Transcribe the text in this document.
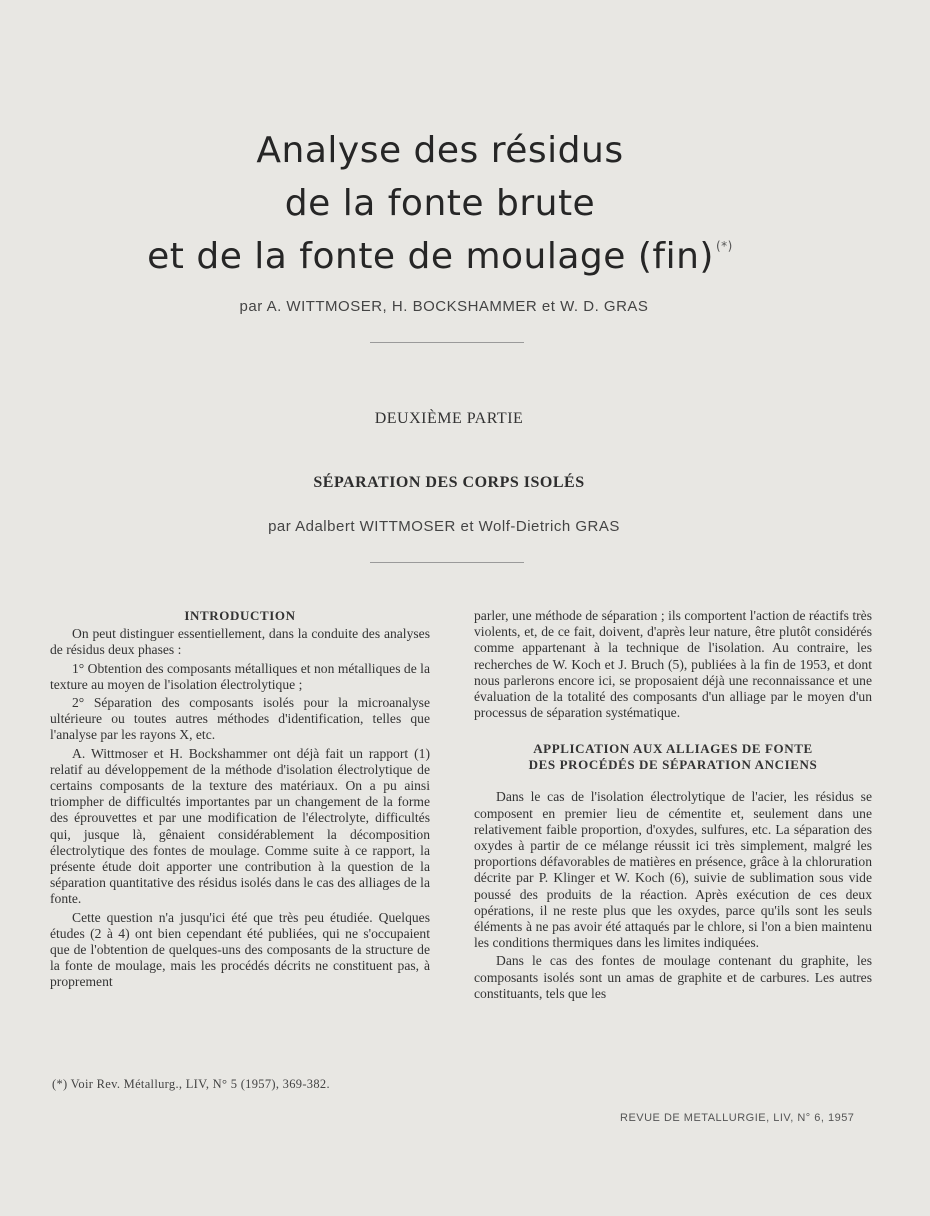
Analyse des résidus
de la fonte brute
et de la fonte de moulage (fin) (*)
par A. WITTMOSER, H. BOCKSHAMMER et W. D. GRAS
DEUXIÈME PARTIE
SÉPARATION DES CORPS ISOLÉS
par Adalbert WITTMOSER et Wolf-Dietrich GRAS

INTRODUCTION

On peut distinguer essentiellement, dans la conduite des analyses de résidus deux phases :

1° Obtention des composants métalliques et non métalliques de la texture au moyen de l'isolation électrolytique ;

2° Séparation des composants isolés pour la microanalyse ultérieure ou toutes autres méthodes d'identification, telles que l'analyse par les rayons X, etc.

A. Wittmoser et H. Bockshammer ont déjà fait un rapport (1) relatif au développement de la méthode d'isolation électrolytique de certains composants de la texture des matériaux. On a pu ainsi triompher de difficultés importantes par un changement de la forme des éprouvettes et par une modification de l'électrolyte, difficultés qui, jusque là, gênaient considérablement la décomposition électrolytique des fontes de moulage. Comme suite à ce rapport, la présente étude doit apporter une contribution à la question de la séparation quantitative des résidus isolés dans le cas des alliages de la fonte.

Cette question n'a jusqu'ici été que très peu étudiée. Quelques études (2 à 4) ont bien cependant été publiées, qui ne s'occupaient que de l'obtention de quelques-uns des composants de la structure de la fonte de moulage, mais les procédés décrits ne constituent pas, à proprement

parler, une méthode de séparation ; ils comportent l'action de réactifs très violents, et, de ce fait, doivent, d'après leur nature, être plutôt considérés comme appartenant à la technique de l'isolation. Au contraire, les recherches de W. Koch et J. Bruch (5), publiées à la fin de 1953, et dont nous parlerons encore ici, se proposaient déjà une reconnaissance et une évaluation de la totalité des composants d'un alliage par le moyen d'un processus de séparation systématique.

APPLICATION AUX ALLIAGES DE FONTE
DES PROCÉDÉS DE SÉPARATION ANCIENS

Dans le cas de l'isolation électrolytique de l'acier, les résidus se composent en premier lieu de cémentite et, seulement dans une relativement faible proportion, d'oxydes, sulfures, etc. La séparation des oxydes à partir de ce mélange réussit ici très simplement, malgré les proportions défavorables de matières en présence, grâce à la chloruration décrite par P. Klinger et W. Koch (6), suivie de sublimation sous vide poussé des produits de la réaction. Après exécution de ces deux opérations, il ne reste plus que les oxydes, parce qu'ils sont les seuls éléments à ne pas avoir été attaqués par le chlore, si l'on a bien maintenu les conditions thermiques dans les limites indiquées.

Dans le cas des fontes de moulage contenant du graphite, les composants isolés sont un amas de graphite et de carbures. Les autres constituants, tels que les

(*) Voir Rev. Métallurg., LIV, N° 5 (1957), 369-382.
REVUE DE METALLURGIE, LIV, N° 6, 1957
